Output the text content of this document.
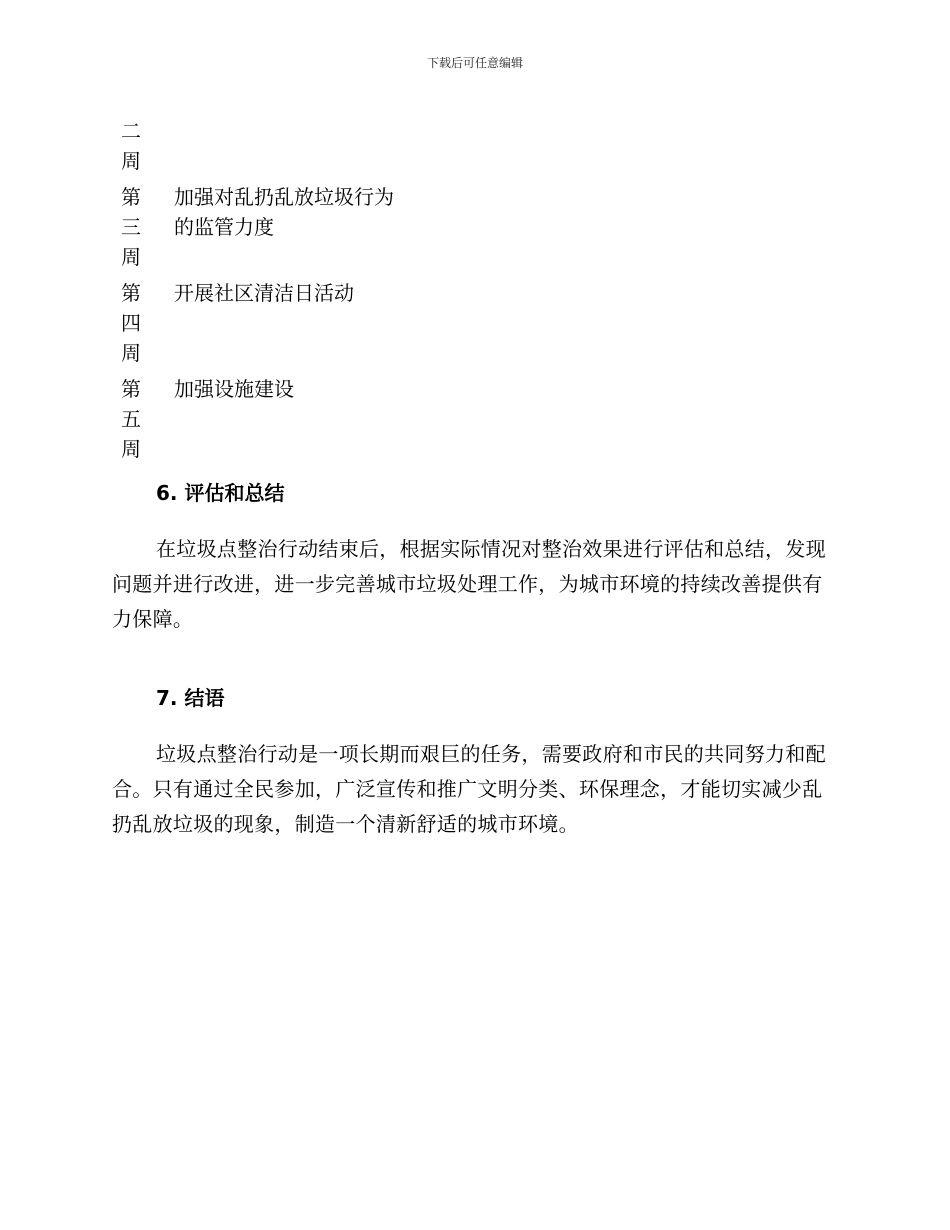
下载后可任意编辑
二
周
第
三
周
加强对乱扔乱放垃圾行为的监管力度
第
四
周
开展社区清洁日活动
第
五
周
加强设施建设
6. 评估和总结
在垃圾点整治行动结束后，根据实际情况对整治效果进行评估和总结，发现问题并进行改进，进一步完善城市垃圾处理工作，为城市环境的持续改善提供有力保障。
7. 结语
垃圾点整治行动是一项长期而艰巨的任务，需要政府和市民的共同努力和配合。只有通过全民参加，广泛宣传和推广文明分类、环保理念，才能切实减少乱扔乱放垃圾的现象，制造一个清新舒适的城市环境。
